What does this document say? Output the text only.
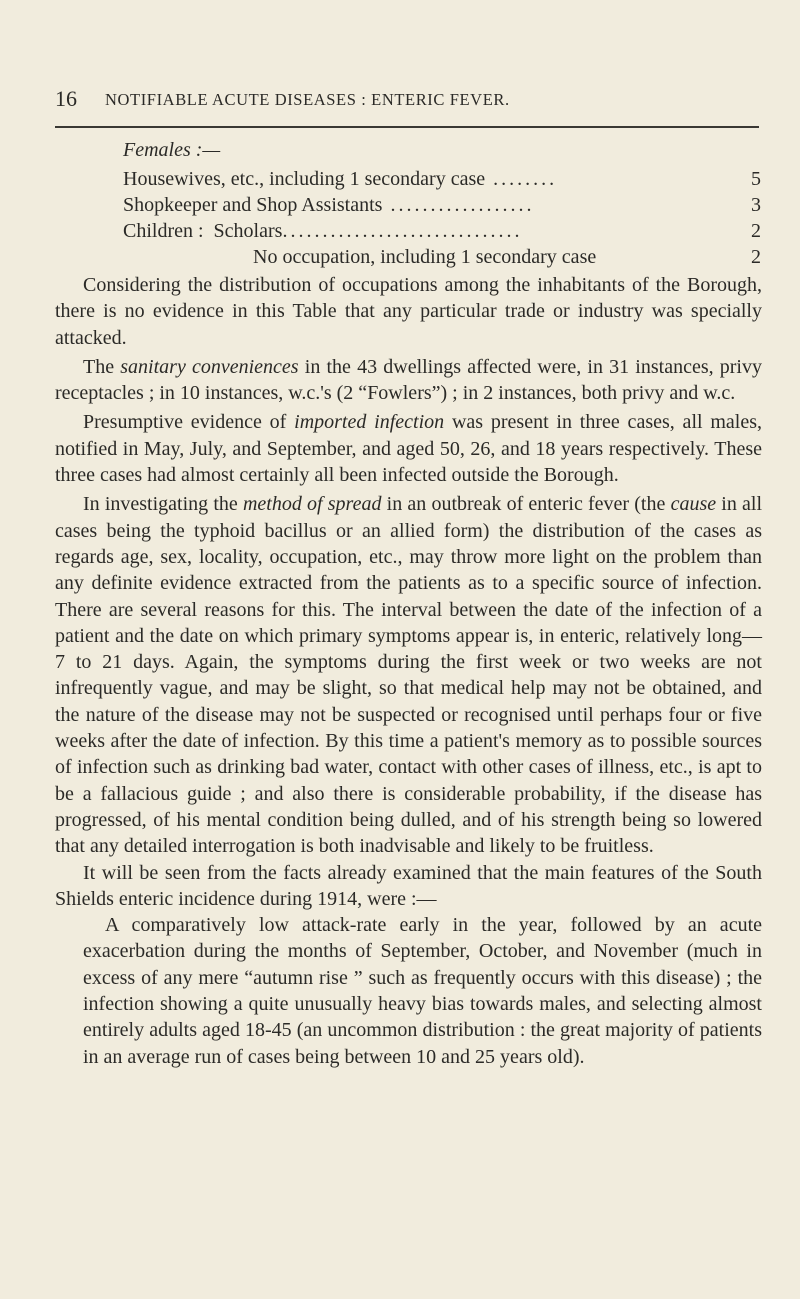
16 NOTIFIABLE ACUTE DISEASES : ENTERIC FEVER.
Females :—
Housewives, etc., including 1 secondary case ........	5
Shopkeeper and Shop Assistants ..................	3
Children :  Scholars..............................	2
No occupation, including 1 secondary case	2

Considering the distribution of occupations among the inhabitants of the Borough, there is no evidence in this Table that any particular trade or industry was specially attacked.

The sanitary conveniences in the 43 dwellings affected were, in 31 instances, privy receptacles ; in 10 instances, w.c.'s (2 “Fowlers”) ; in 2 instances, both privy and w.c.

Presumptive evidence of imported infection was present in three cases, all males, notified in May, July, and September, and aged 50, 26, and 18 years respectively. These three cases had almost certainly all been infected outside the Borough.

In investigating the method of spread in an outbreak of enteric fever (the cause in all cases being the typhoid bacillus or an allied form) the distribution of the cases as regards age, sex, locality, occupation, etc., may throw more light on the problem than any definite evidence extracted from the patients as to a specific source of infection. There are several reasons for this. The interval between the date of the infection of a patient and the date on which primary symptoms appear is, in enteric, relatively long—7 to 21 days. Again, the symptoms during the first week or two weeks are not infrequently vague, and may be slight, so that medical help may not be obtained, and the nature of the disease may not be suspected or recognised until perhaps four or five weeks after the date of infection. By this time a patient's memory as to possible sources of infection such as drinking bad water, contact with other cases of illness, etc., is apt to be a fallacious guide ; and also there is considerable probability, if the disease has progressed, of his mental condition being dulled, and of his strength being so lowered that any detailed interrogation is both inadvisable and likely to be fruitless.

It will be seen from the facts already examined that the main features of the South Shields enteric incidence during 1914, were :—

A comparatively low attack-rate early in the year, followed by an acute exacerbation during the months of September, October, and November (much in excess of any mere “autumn rise ” such as frequently occurs with this disease) ; the infection showing a quite unusually heavy bias towards males, and selecting almost entirely adults aged 18-45 (an uncommon distribution : the great majority of patients in an average run of cases being between 10 and 25 years old).
